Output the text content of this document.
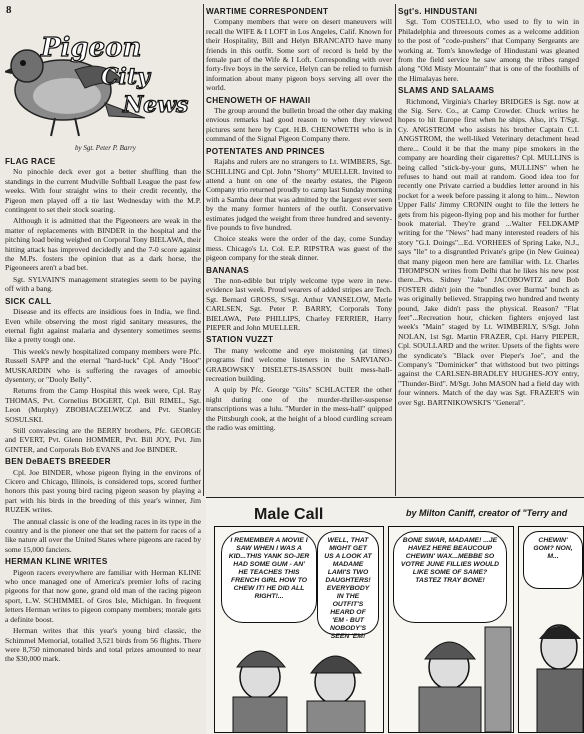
8
Pigeon
City
News
by Sgt. Peter P. Barry
FLAG RACE

No pinochle deck ever got a better shuffling than the standings in the current Mudville Softball League the past few weeks. With four straight wins to their credit recently, the Pigeon men played off a tie last Wednesday with the M.P. contingent to set their stock soaring.

Although it is admitted that the Pigeoneers are weak in the matter of replacements with BINDER in the hospital and the pitching load being weighed on Corporal Tony BIELAWA, their hitting attack has improved decidedly and the 7-0 score against the M.Ps. fosters the opinion that as a dark horse, the Pigeoneers aren't a bad bet.

Sgt. SYLVAIN'S management strategies seem to be paying off with a bang.

SICK CALL

Disease and its effects are insidious foes in India, we find. Even while observing the most rigid sanitary measures, the eternal fight against malaria and dysentery sometimes seems like a pretty tough one.

This week's newly hospitalized company members were Pfc. Russell SAPP and the eternal "hard-luck" Cpl. Andy "Hoot" MUSKARDIN who is suffering the ravages of amoebic dysentery, or "Dooly Belly".

Returns from the Camp Hospital this week were, Cpl. Ray THOMAS, Pvt. Cornelius BOGERT, Cpl. Bill RIMEL, Sgt. Leon (Murphy) ZBOBIACZELWICZ and Pvt. Stanley SOSULSKI.

Still convalescing are the BERRY brothers, Pfc. GEORGE and EVERT, Pvt. Glenn HOMMER, Pvt. Bill JOY, Pvt. Jim GINTER, and Corporals Bob EVANS and Joe BINDER.

BEN DeBAETS BREEDER

Cpl. Joe BINDER, whose pigeon flying in the environs of Cicero and Chicago, Illinois, is considered tops, scored further honors this past young bird racing pigeon season by playing a part with his birds in the breeding of this year's winner, Jim RUZEK writes.

The annual classic is one of the leading races in its type in the country and is the pioneer one that set the pattern for races of a like nature all over the United States where pigeons are raced by some 15,000 fanciers.

HERMAN KLINE WRITES

Pigeon racers everywhere are familiar with Herman KLINE who once managed one of America's premier lofts of racing pigeons for that now gone, grand old man of the racing pigeon sport, L.W. SCHIMMEL of Gros Isle, Michigan. In frequent letters Herman writes to pigeon company members; morale gets a definite boost.

Herman writes that this year's young bird classic, the Schimmel Memorial, totalled 3,521 birds from 56 flights. There were 8,750 nimonated birds and total prizes amounted to near the $30,000 mark.

WARTIME CORRESPONDENT

Company members that were on desert maneuvers will recall the WIFE & I LOFT in Los Angeles, Calif. Known for their Hospitality, Bill and Helyn BRANCATO have many friends in this outfit. Some sort of record is held by the female part of the Wife & I Loft. Corresponding with over forty-five boys in the service, Helyn can be relied to furnish information about many pigeon boys serving all over the world.

CHENOWETH OF HAWAII

The group around the bulletin broad the other day making envious remarks had good reason to when they viewed pictures sent here by Capt. H.B. CHENOWETH who is in command of the Signal Pigeon Company there.

POTENTATES AND PRINCES

Rajahs and rulers are no strangers to Lt. WIMBERS, Sgt. SCHILLING and Cpl. John "Shorty" MUELLER. Invited to attend a hunt on one of the nearby estates, the Pigeon Company trio returned proudly to camp last Sunday morning with a Samba deer that was admitted by the largest ever seen by the many former hunters of the outfit. Conservative estimates judged the weight from three hundred and seventy-five pounds to five hundred.

Choice steaks were the order of the day, come Sunday mess. Chicago's Lt. Col. E.P. RIPSTRA was guest of the pigeon company for the steak dinner.

BANANAS

The non-edible but triply welcome type were in new-evidence last week. Proud wearers of added stripes are Tech. Sgt. Bernard GROSS, S/Sgt. Arthur VANSELOW, Merle CARLSEN, Sgt. Peter P. BARRY, Corporals Tony BIELAWA, Pete PHILLIPS, Charley FERRIER, Harry PIEPER and John MUELLER.

STATION VUZZT

The many welcome and eye moistening (at times) programs find welcome listeners in the SARVIANO-GRABOWSKY DISELETS-ISASSON built mess-hall-recreation building.

A quip by Pfc. George "Gits" SCHLACTER the other night during one of the murder-thriller-suspense transcriptions was a lulu. "Murder in the mess-hall" quipped the Pittsburgh cook, at the height of a blood curdling scream the radio was emitting.

Sgt's. HINDUSTANI

Sgt. Tom COSTELLO, who used to fly to win in Philadelphia and threesouts comes as a welcome addition to the post of "code-pushers" that Company Sergeants are working at. Tom's knowledge of Hindustani was gleaned from the field service he saw among the tribes ranged along "Old Misty Mountain" that is one of the foothills of the Himalayas here.

SLAMS AND SALAAMS

Richmond, Virginia's Charley BRIDGES is Sgt. now at the Sig. Serv. Co., at Camp Crowder. Chuck writes he hopes to hit Europe first when he ships. Also, it's T/Sgt. Cy. ANGSTROM who assists his brother Captain C.I. ANGSTROM, the well-liked Veterinary detachment head there... Could it be that the many pipe smokers in the company are hoarding their cigarettes? Cpl. MULLINS is being called "stick-by-your guns, MULLINS" when he refuses to hand out mail at random. Good idea too for recently one Private carried a buddies letter around in his pocket for a week before passing it along to him... Newton Upper Falls' Jimmy CRONIN ought to file the letters he gets from his pigeon-flying pop and his mother for further book material. They're grand ...Walter FELDKAMP writing for the "News" had many interested readers of his story "G.I. Doings"...Ed. VORHEES of Spring Lake, N.J., says "lle" to a disgruntled Private's gripe (in New Guinea) that many pigeon men here are familiar with. Lt. Charles THOMPSON writes from Delhi that he likes his new post there...Pvts. Sidney "Jake" JACOBOWITZ and Bob FOSTER didn't join the "bundles over Burma" bunch as was originally believed. Strapping two hundred and twenty pound, Jake didn't pass the physical. Reason? "Flat feet"...Recreation hour, chicken fighters enjoyed last week's "Main" staged by Lt. WIMBERLY, S/Sgt. John NOLAN, 1st Sgt. Martin FRAZER, Cpl. Harry PIEPER, Cpl. SOULLARD and the writer. Upsets of the fights were the syndicate's "Black over Pieper's Joe", and the Company's "Dominicker" that withstood but two pittings against the CARLSEN-BRADLEY HUGHES-JOY entry, "Thunder-Bird". M/Sgt. John MASON had a field day with four winners. Match of the day was Sgt. FRAZER'S win over Sgt. BARTNIKOWSKI'S "General".

Male Call	by Milton Caniff, creator of "Terry and
I REMEMBER A MOVIE I SAW WHEN I WAS A KID...THIS YANK SO-JER HAD SOME GUM - AN' HE TEACHES THIS FRENCH GIRL HOW TO CHEW IT! HE DID ALL RIGHT!...
WELL, THAT MIGHT GET US A LOOK AT MADAME LAMI'S TWO DAUGHTERS! EVERYBODY IN THE OUTFIT'S HEARD OF 'EM - BUT NOBODY'S SEEN 'EM!
BONE SWAR, MADAME! ...JE HAVEZ HERE BEAUCOUP CHEWIN' WAX...MEBBE SO VOTRE JUNE FILLIES WOULD LIKE SOME OF SAME? TASTEZ TRAY BONE!
CHEWIN' GOM? NON, M...
